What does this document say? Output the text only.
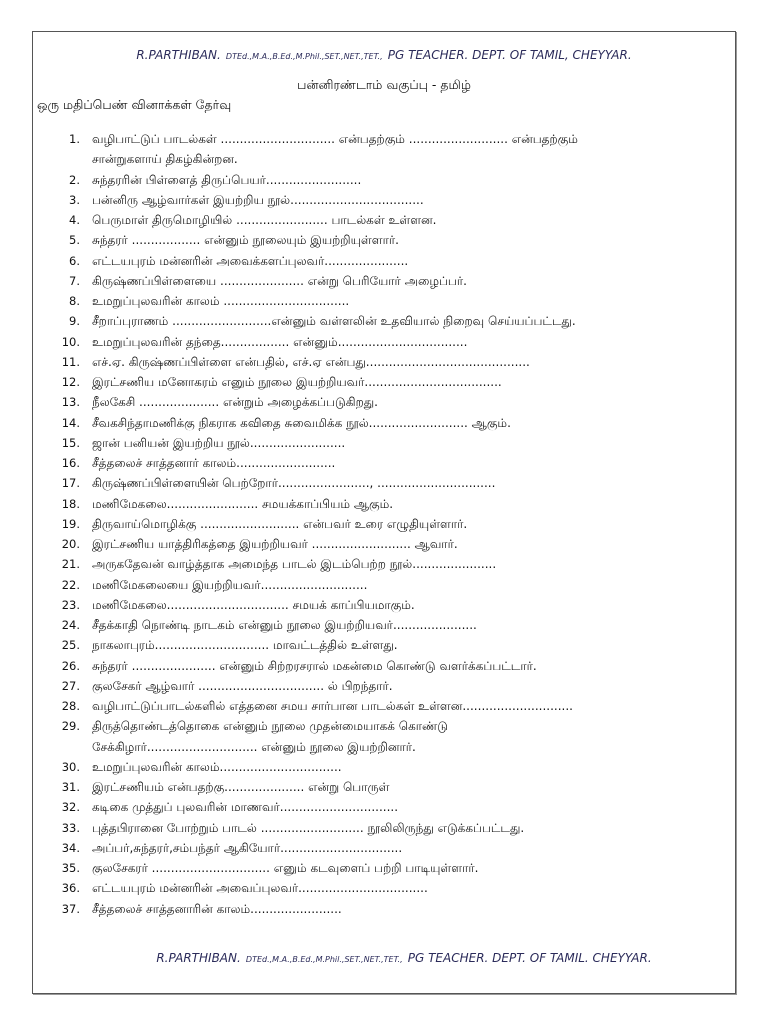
R.PARTHIBAN. DTEd.,M.A.,B.Ed.,M.Phil.,SET.,NET.,TET., PG TEACHER. DEPT. OF TAMIL, CHEYYAR.
பன்னிரண்டாம் வகுப்பு - தமிழ்
ஒரு மதிப்பெண் வினாக்கள் தேர்வு
1. வழிபாட்டுப் பாடல்கள் .............................. என்பதற்கும் .......................... என்பதற்கும்
சான்றுகளாய் திகழ்கின்றன.
2. சுந்தரரின் பிள்ளைத் திருப்பெயர்.........................
3. பன்னிரு ஆழ்வார்கள் இயற்றிய நூல்...................................
4. பெருமாள் திருமொழியில் ........................ பாடல்கள் உள்ளன.
5. சுந்தரர் .................. என்னும் நூலையும் இயற்றியுள்ளார்.
6. எட்டயபுரம் மன்னரின் அவைக்களப்புலவர்......................
7. கிருஷ்ணப்பிள்ளையை ...................... என்று பெரியோர் அழைப்பர்.
8. உமறுப்புலவரின் காலம் .................................
9. சீறாப்புராணம் ..........................என்னும் வள்ளலின் உதவியால் நிறைவு செய்யப்பட்டது.
10. உமறுப்புலவரின் தந்தை.................. என்னும்..................................
11. எச்.ஏ. கிருஷ்ணப்பிள்ளை என்பதில், எச்.ஏ என்பது...........................................
12. இரட்சணிய மனோகரம் எனும் நூலை இயற்றியவர்....................................
13. நீலகேசி ..................... என்றும் அழைக்கப்படுகிறது.
14. சீவகசிந்தாமணிக்கு நிகராக கவிதை சுவைமிக்க நூல்.......................... ஆகும்.
15. ஜான் பனியன் இயற்றிய நூல்.........................
16. சீத்தலைச் சாத்தனார் காலம்..........................
17. கிருஷ்ணப்பிள்ளையின் பெற்றோர்........................, ...............................
18. மணிமேகலை........................ சமயக்காப்பியம் ஆகும்.
19. திருவாய்மொழிக்கு .......................... என்பவர் உரை எழுதியுள்ளார்.
20. இரட்சணிய யாத்திரிகத்தை இயற்றியவர் .......................... ஆவார்.
21. அருகதேவன் வாழ்த்தாக அமைந்த பாடல் இடம்பெற்ற நூல்......................
22. மணிமேகலையை இயற்றியவர்............................
23. மணிமேகலை................................ சமயக் காப்பியமாகும்.
24. சீதக்காதி நொண்டி நாடகம் என்னும் நூலை இயற்றியவர்......................
25. நாகலாபுரம்.............................. மாவட்டத்தில் உள்ளது.
26. சுந்தரர் ...................... என்னும் சிற்றரசரால் மகன்மை கொண்டு வளர்க்கப்பட்டார்.
27. குலசேகர் ஆழ்வார் ................................. ல் பிறந்தார்.
28. வழிபாட்டுப்பாடல்களில் எத்தனை சமய சார்பான பாடல்கள் உள்ளன.............................
29. திருத்தொண்டத்தொகை என்னும் நூலை முதன்மையாகக் கொண்டு
சேக்கிழார்............................. என்னும் நூலை இயற்றினார்.
30. உமறுப்புலவரின் காலம்................................
31. இரட்சணியம் என்பதற்கு..................... என்று பொருள்
32. கடிகை முத்துப் புலவரின் மாணவர்...............................
33. புத்தபிரானை போற்றும் பாடல் ........................... நூலிலிருந்து எடுக்கப்பட்டது.
34. அப்பர்,சுந்தரர்,சம்பந்தர் ஆகியோர்................................
35. குலசேகரர் ............................... எனும் கடவுளைப் பற்றி பாடியுள்ளார்.
36. எட்டயபுரம் மன்னரின் அவைப்புலவர்..................................
37. சீத்தலைச் சாத்தனாரின் காலம்........................
R.PARTHIBAN. DTEd.,M.A.,B.Ed.,M.Phil.,SET.,NET.,TET., PG TEACHER. DEPT. OF TAMIL. CHEYYAR.
